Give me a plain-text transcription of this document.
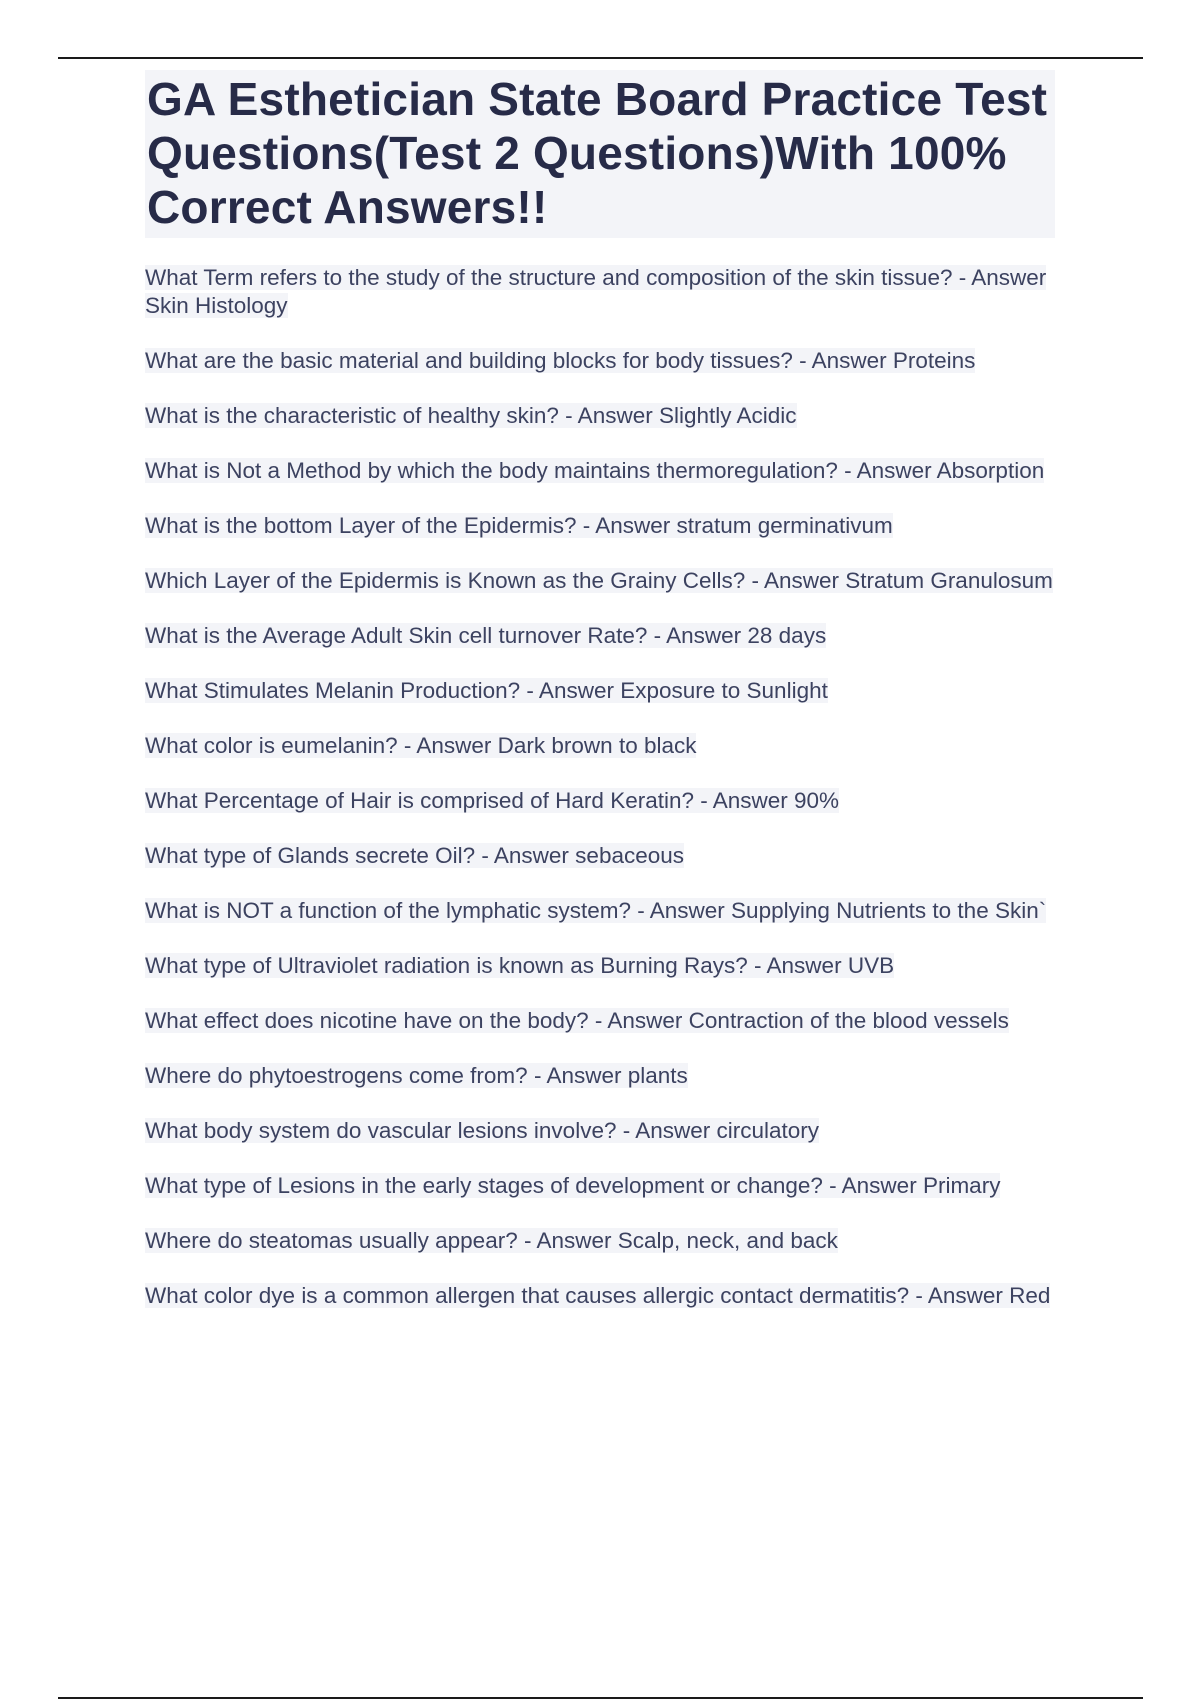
GA Esthetician State Board Practice Test Questions(Test 2 Questions)With 100% Correct Answers!!
What Term refers to the study of the structure and composition of the skin tissue? - Answer Skin Histology
What are the basic material and building blocks for body tissues? - Answer Proteins
What is the characteristic of healthy skin? - Answer Slightly Acidic
What is Not a Method by which the body maintains thermoregulation? - Answer Absorption
What is the bottom Layer of the Epidermis? - Answer stratum germinativum
Which Layer of the Epidermis is Known as the Grainy Cells? - Answer Stratum Granulosum
What is the Average Adult Skin cell turnover Rate? - Answer 28 days
What Stimulates Melanin Production? - Answer Exposure to Sunlight
What color is eumelanin? - Answer Dark brown to black
What Percentage of Hair is comprised of Hard Keratin? - Answer 90%
What type of Glands secrete Oil? - Answer sebaceous
What is NOT a function of the lymphatic system? - Answer Supplying Nutrients to the Skin`
What type of Ultraviolet radiation is known as Burning Rays? - Answer UVB
What effect does nicotine have on the body? - Answer Contraction of the blood vessels
Where do phytoestrogens come from? - Answer plants
What body system do vascular lesions involve? - Answer circulatory
What type of Lesions in the early stages of development or change? - Answer Primary
Where do steatomas usually appear? - Answer Scalp, neck, and back
What color dye is a common allergen that causes allergic contact dermatitis? - Answer Red
